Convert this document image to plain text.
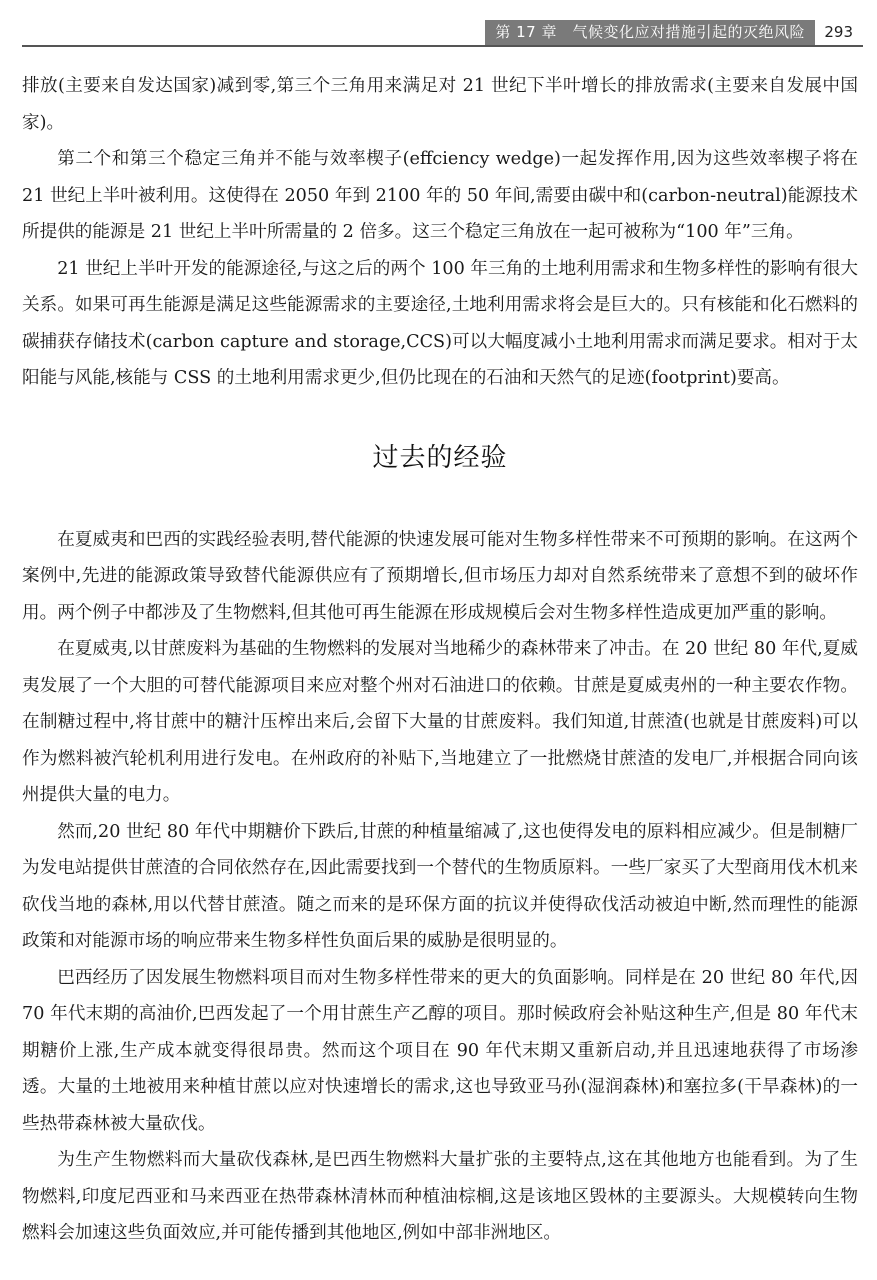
第 17 章　气候变化应对措施引起的灭绝风险	293

排放(主要来自发达国家)减到零,第三个三角用来满足对 21 世纪下半叶增长的排放需求(主要来自发展中国家)。

第二个和第三个稳定三角并不能与效率楔子(effciency wedge)一起发挥作用,因为这些效率楔子将在 21 世纪上半叶被利用。这使得在 2050 年到 2100 年的 50 年间,需要由碳中和(carbon-neutral)能源技术所提供的能源是 21 世纪上半叶所需量的 2 倍多。这三个稳定三角放在一起可被称为“100 年”三角。

21 世纪上半叶开发的能源途径,与这之后的两个 100 年三角的土地利用需求和生物多样性的影响有很大关系。如果可再生能源是满足这些能源需求的主要途径,土地利用需求将会是巨大的。只有核能和化石燃料的碳捕获存储技术(carbon capture and storage,CCS)可以大幅度减小土地利用需求而满足要求。相对于太阳能与风能,核能与 CSS 的土地利用需求更少,但仍比现在的石油和天然气的足迹(footprint)要高。

过去的经验

在夏威夷和巴西的实践经验表明,替代能源的快速发展可能对生物多样性带来不可预期的影响。在这两个案例中,先进的能源政策导致替代能源供应有了预期增长,但市场压力却对自然系统带来了意想不到的破坏作用。两个例子中都涉及了生物燃料,但其他可再生能源在形成规模后会对生物多样性造成更加严重的影响。

在夏威夷,以甘蔗废料为基础的生物燃料的发展对当地稀少的森林带来了冲击。在 20 世纪 80 年代,夏威夷发展了一个大胆的可替代能源项目来应对整个州对石油进口的依赖。甘蔗是夏威夷州的一种主要农作物。在制糖过程中,将甘蔗中的糖汁压榨出来后,会留下大量的甘蔗废料。我们知道,甘蔗渣(也就是甘蔗废料)可以作为燃料被汽轮机利用进行发电。在州政府的补贴下,当地建立了一批燃烧甘蔗渣的发电厂,并根据合同向该州提供大量的电力。

然而,20 世纪 80 年代中期糖价下跌后,甘蔗的种植量缩减了,这也使得发电的原料相应减少。但是制糖厂为发电站提供甘蔗渣的合同依然存在,因此需要找到一个替代的生物质原料。一些厂家买了大型商用伐木机来砍伐当地的森林,用以代替甘蔗渣。随之而来的是环保方面的抗议并使得砍伐活动被迫中断,然而理性的能源政策和对能源市场的响应带来生物多样性负面后果的威胁是很明显的。

巴西经历了因发展生物燃料项目而对生物多样性带来的更大的负面影响。同样是在 20 世纪 80 年代,因 70 年代末期的高油价,巴西发起了一个用甘蔗生产乙醇的项目。那时候政府会补贴这种生产,但是 80 年代末期糖价上涨,生产成本就变得很昂贵。然而这个项目在 90 年代末期又重新启动,并且迅速地获得了市场渗透。大量的土地被用来种植甘蔗以应对快速增长的需求,这也导致亚马孙(湿润森林)和塞拉多(干旱森林)的一些热带森林被大量砍伐。

为生产生物燃料而大量砍伐森林,是巴西生物燃料大量扩张的主要特点,这在其他地方也能看到。为了生物燃料,印度尼西亚和马来西亚在热带森林清林而种植油棕榈,这是该地区毁林的主要源头。大规模转向生物燃料会加速这些负面效应,并可能传播到其他地区,例如中部非洲地区。
